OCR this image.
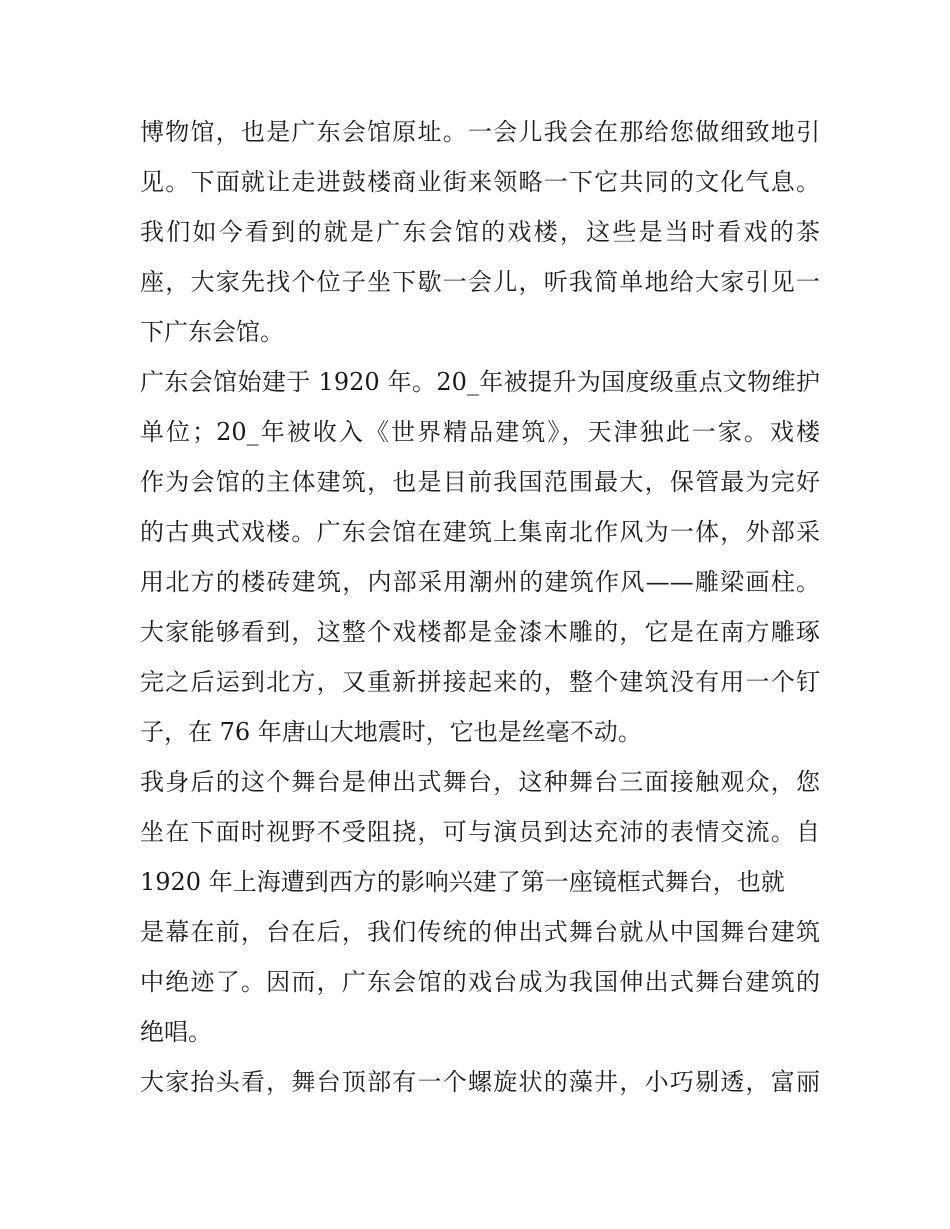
博物馆，也是广东会馆原址。一会儿我会在那给您做细致地引
见。下面就让走进鼓楼商业街来领略一下它共同的文化气息。
我们如今看到的就是广东会馆的戏楼，这些是当时看戏的茶
座，大家先找个位子坐下歇一会儿，听我简单地给大家引见一
下广东会馆。
广东会馆始建于 1920 年。20_年被提升为国度级重点文物维护
单位；20_年被收入《世界精品建筑》，天津独此一家。戏楼
作为会馆的主体建筑，也是目前我国范围最大，保管最为完好
的古典式戏楼。广东会馆在建筑上集南北作风为一体，外部采
用北方的楼砖建筑，内部采用潮州的建筑作风——雕梁画柱。
大家能够看到，这整个戏楼都是金漆木雕的，它是在南方雕琢
完之后运到北方，又重新拼接起来的，整个建筑没有用一个钉
子，在 76 年唐山大地震时，它也是丝毫不动。
我身后的这个舞台是伸出式舞台，这种舞台三面接触观众，您
坐在下面时视野不受阻挠，可与演员到达充沛的表情交流。自
1920 年上海遭到西方的影响兴建了第一座镜框式舞台，也就
是幕在前，台在后，我们传统的伸出式舞台就从中国舞台建筑
中绝迹了。因而，广东会馆的戏台成为我国伸出式舞台建筑的
绝唱。
大家抬头看，舞台顶部有一个螺旋状的藻井，小巧剔透，富丽
